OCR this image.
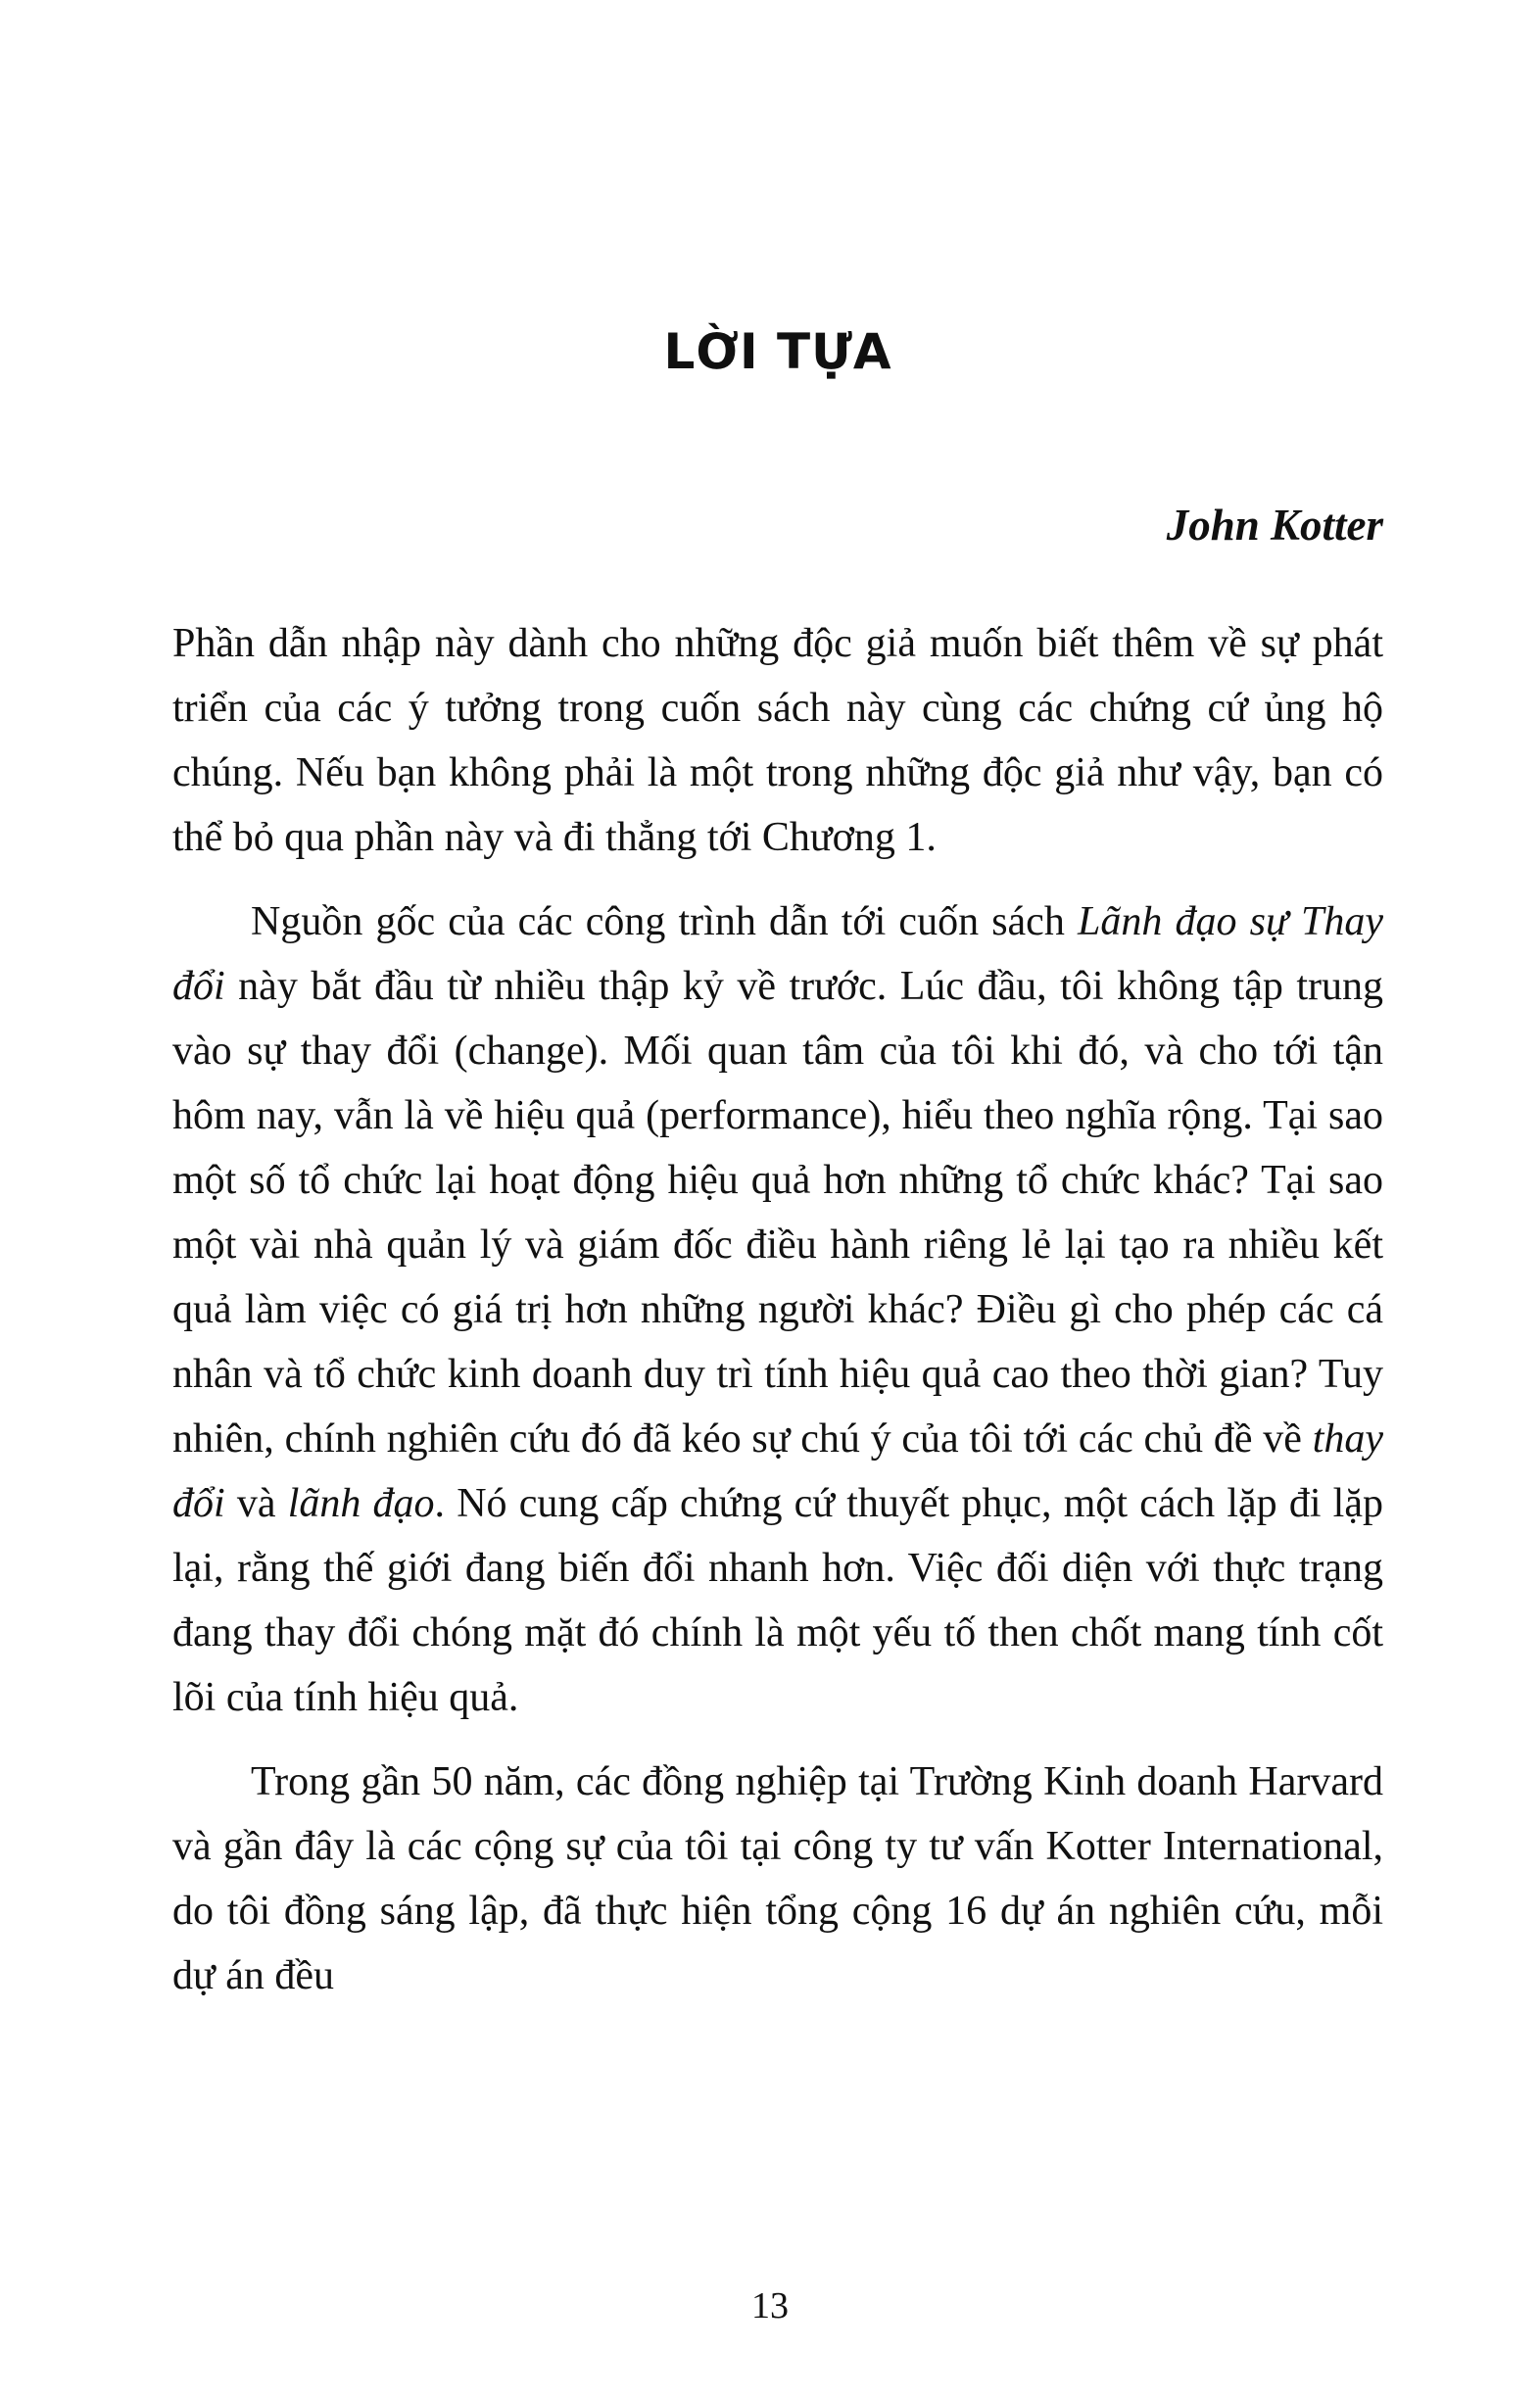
LỜI TỰA
John Kotter

Phần dẫn nhập này dành cho những độc giả muốn biết thêm về sự phát triển của các ý tưởng trong cuốn sách này cùng các chứng cứ ủng hộ chúng. Nếu bạn không phải là một trong những độc giả như vậy, bạn có thể bỏ qua phần này và đi thẳng tới Chương 1.

Nguồn gốc của các công trình dẫn tới cuốn sách Lãnh đạo sự Thay đổi này bắt đầu từ nhiều thập kỷ về trước. Lúc đầu, tôi không tập trung vào sự thay đổi (change). Mối quan tâm của tôi khi đó, và cho tới tận hôm nay, vẫn là về hiệu quả (performance), hiểu theo nghĩa rộng. Tại sao một số tổ chức lại hoạt động hiệu quả hơn những tổ chức khác? Tại sao một vài nhà quản lý và giám đốc điều hành riêng lẻ lại tạo ra nhiều kết quả làm việc có giá trị hơn những người khác? Điều gì cho phép các cá nhân và tổ chức kinh doanh duy trì tính hiệu quả cao theo thời gian? Tuy nhiên, chính nghiên cứu đó đã kéo sự chú ý của tôi tới các chủ đề về thay đổi và lãnh đạo. Nó cung cấp chứng cứ thuyết phục, một cách lặp đi lặp lại, rằng thế giới đang biến đổi nhanh hơn. Việc đối diện với thực trạng đang thay đổi chóng mặt đó chính là một yếu tố then chốt mang tính cốt lõi của tính hiệu quả.

Trong gần 50 năm, các đồng nghiệp tại Trường Kinh doanh Harvard và gần đây là các cộng sự của tôi tại công ty tư vấn Kotter International, do tôi đồng sáng lập, đã thực hiện tổng cộng 16 dự án nghiên cứu, mỗi dự án đều

13
